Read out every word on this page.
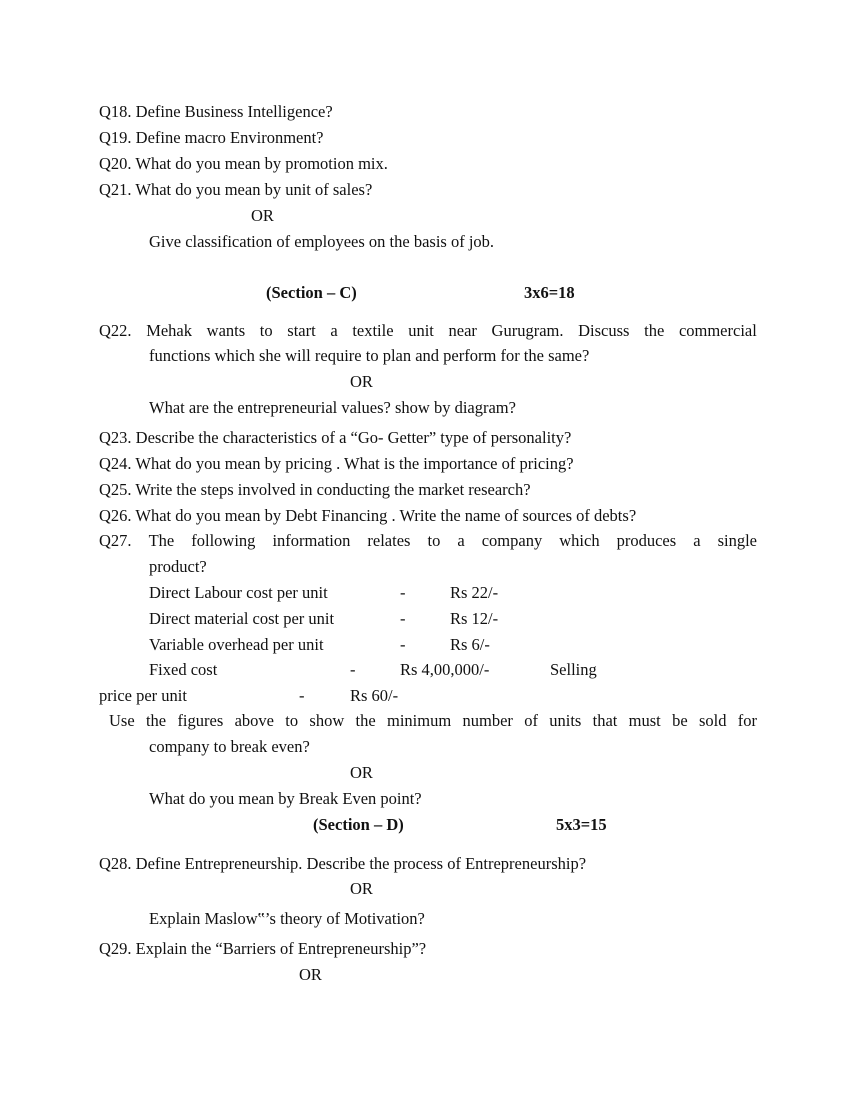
Q18. Define Business Intelligence?
Q19. Define macro Environment?
Q20. What do you mean by promotion mix.
Q21. What do you mean by unit of sales?
OR
Give classification of employees on the basis of job.
(Section – C)	3x6=18
Q22. Mehak wants to start a textile unit near Gurugram. Discuss the commercial
functions which she will require to plan and perform for the same?
OR
What are the entrepreneurial values? show by diagram?
Q23. Describe the characteristics of a “Go- Getter” type of personality?
Q24. What do you mean by pricing . What is the importance of pricing?
Q25. Write the steps involved in conducting the market research?
Q26. What do you mean by Debt Financing . Write the name of sources of debts?
Q27. The following information relates to a company which produces a single
product?
Direct Labour cost per unit	-	Rs 22/-
Direct material cost per unit	-	Rs 12/-
Variable overhead per unit	-	Rs 6/-
Fixed cost	-	Rs 4,00,000/-	Selling
price per unit	-	Rs 60/-
Use the figures above to show the minimum number of units that must be sold for
company to break even?
OR
What do you mean by Break Even point?
(Section – D)	5x3=15
Q28. Define Entrepreneurship. Describe the process of Entrepreneurship?
OR
Explain Maslow‟’s theory of Motivation?
Q29. Explain the “Barriers of Entrepreneurship”?
OR
